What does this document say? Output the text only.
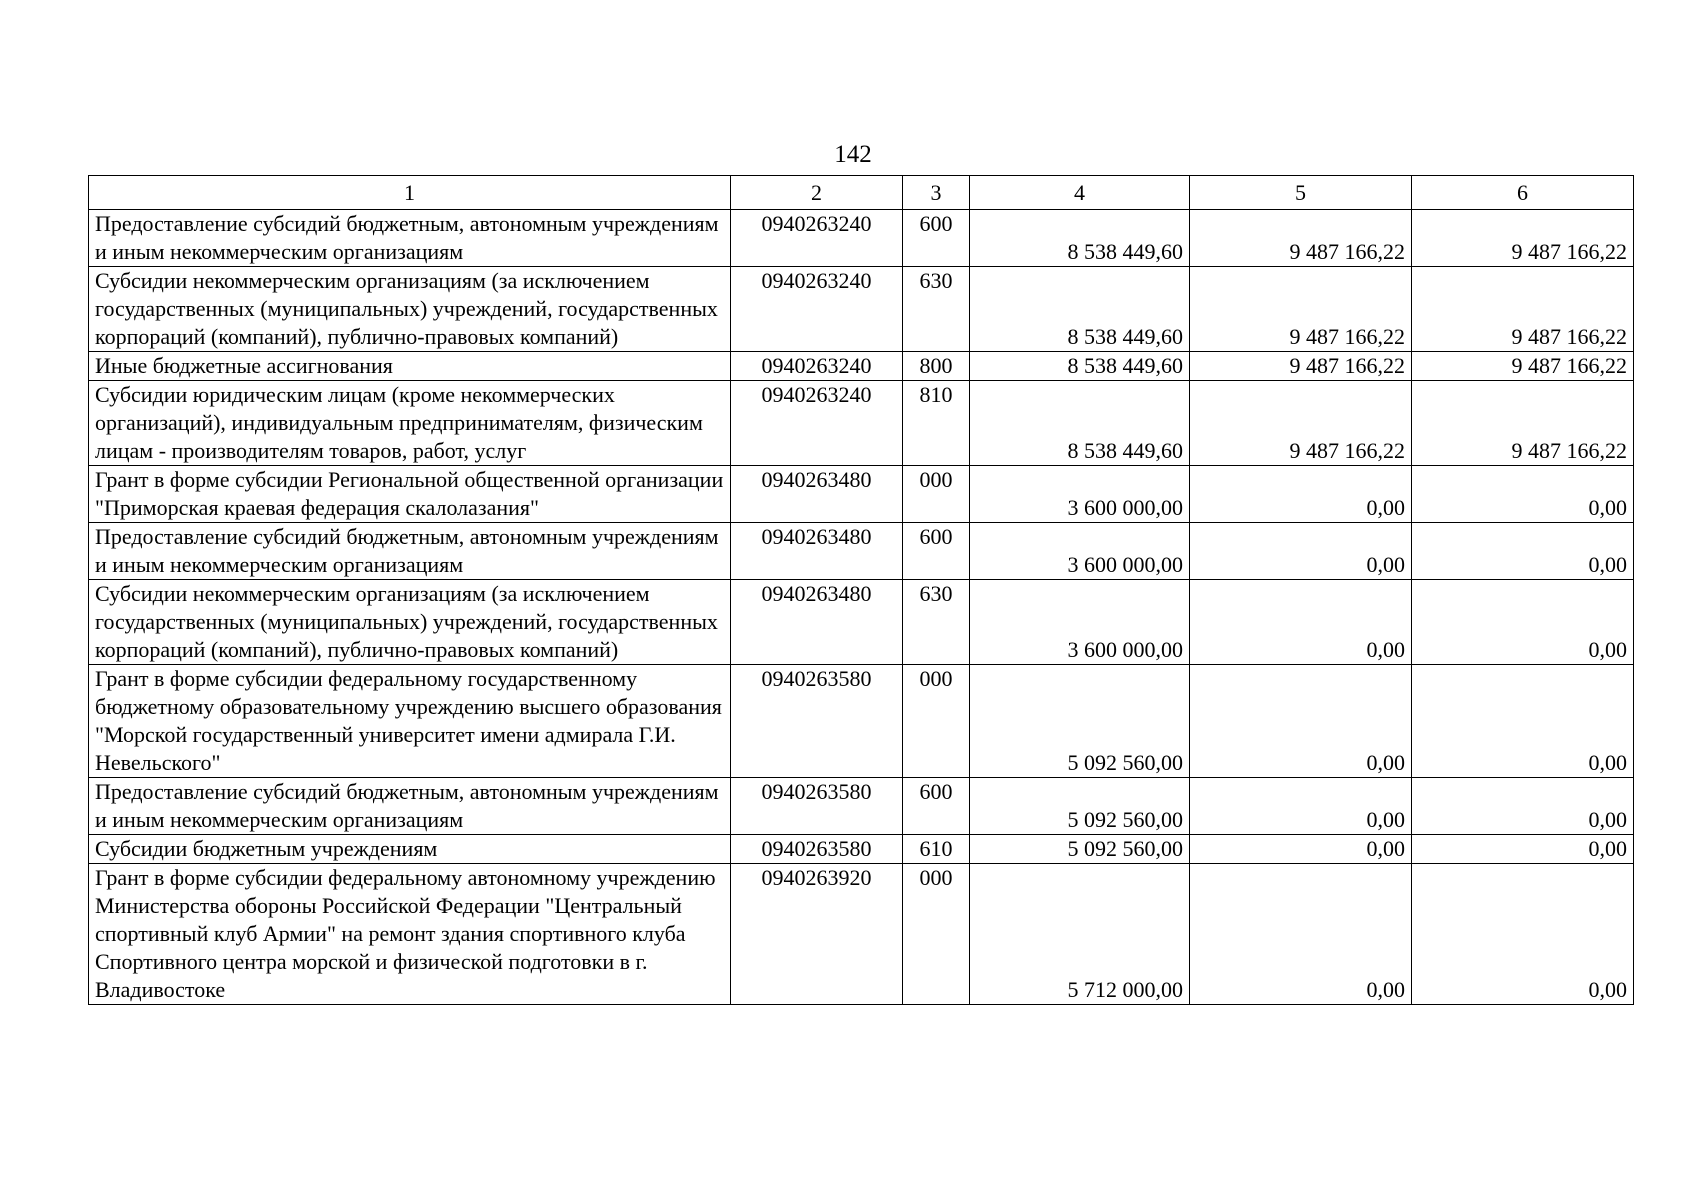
142
1	2	3	4	5	6
Предоставление субсидий бюджетным, автономным учреждениям и иным некоммерческим организациям	0940263240	600	8 538 449,60	9 487 166,22	9 487 166,22
Субсидии некоммерческим организациям (за исключением государственных (муниципальных) учреждений, государственных корпораций (компаний), публично-правовых компаний)	0940263240	630	8 538 449,60	9 487 166,22	9 487 166,22
Иные бюджетные ассигнования	0940263240	800	8 538 449,60	9 487 166,22	9 487 166,22
Субсидии юридическим лицам (кроме некоммерческих организаций), индивидуальным предпринимателям, физическим лицам - производителям товаров, работ, услуг	0940263240	810	8 538 449,60	9 487 166,22	9 487 166,22
Грант в форме субсидии Региональной общественной организации "Приморская краевая федерация скалолазания"	0940263480	000	3 600 000,00	0,00	0,00
Предоставление субсидий бюджетным, автономным учреждениям и иным некоммерческим организациям	0940263480	600	3 600 000,00	0,00	0,00
Субсидии некоммерческим организациям (за исключением государственных (муниципальных) учреждений, государственных корпораций (компаний), публично-правовых компаний)	0940263480	630	3 600 000,00	0,00	0,00
Грант в форме субсидии федеральному государственному бюджетному образовательному учреждению высшего образования "Морской государственный университет имени адмирала Г.И. Невельского"	0940263580	000	5 092 560,00	0,00	0,00
Предоставление субсидий бюджетным, автономным учреждениям и иным некоммерческим организациям	0940263580	600	5 092 560,00	0,00	0,00
Субсидии бюджетным учреждениям	0940263580	610	5 092 560,00	0,00	0,00
Грант в форме субсидии федеральному автономному учреждению Министерства обороны Российской Федерации "Центральный спортивный клуб Армии" на ремонт здания спортивного клуба Спортивного центра морской и физической подготовки в г. Владивостоке	0940263920	000	5 712 000,00	0,00	0,00
